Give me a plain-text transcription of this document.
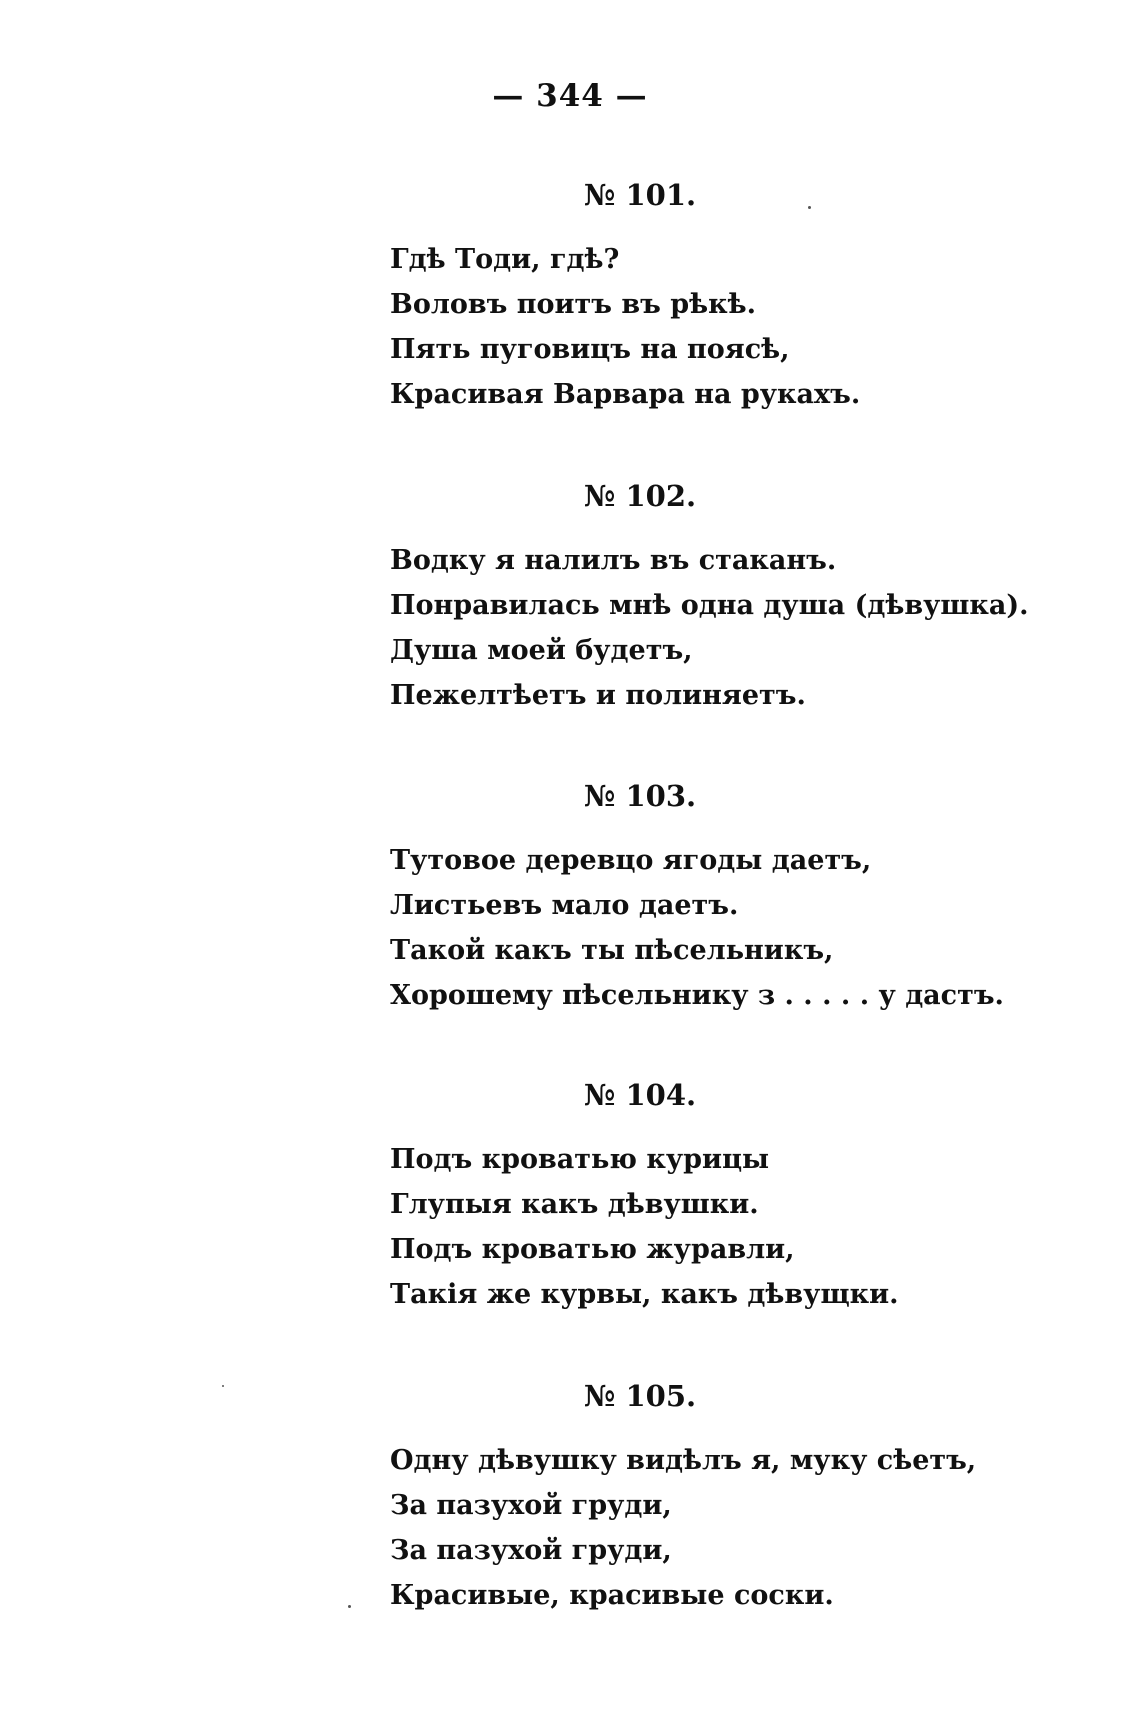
— 344 —
№ 101.
Гдѣ Тоди, гдѣ?
Воловъ поитъ въ рѣкѣ.
Пять пуговицъ на поясѣ,
Красивая Варвара на рукахъ.
№ 102.
Водку я налилъ въ стаканъ.
Понравилась мнѣ одна душа (дѣвушка).
Душа моей будетъ,
Пежелтѣетъ и полиняетъ.
№ 103.
Тутовое деревцо ягоды даетъ,
Листьевъ мало даетъ.
Такой какъ ты пѣсельникъ,
Хорошему пѣсельнику з . . . . . у дастъ.
№ 104.
Подъ кроватью курицы
Глупыя какъ дѣвушки.
Подъ кроватью журавли,
Такія же курвы, какъ дѣвущки.
№ 105.
Одну дѣвушку видѣлъ я, муку сѣетъ,
За пазухой груди,
За пазухой груди,
Красивые, красивые соски.
